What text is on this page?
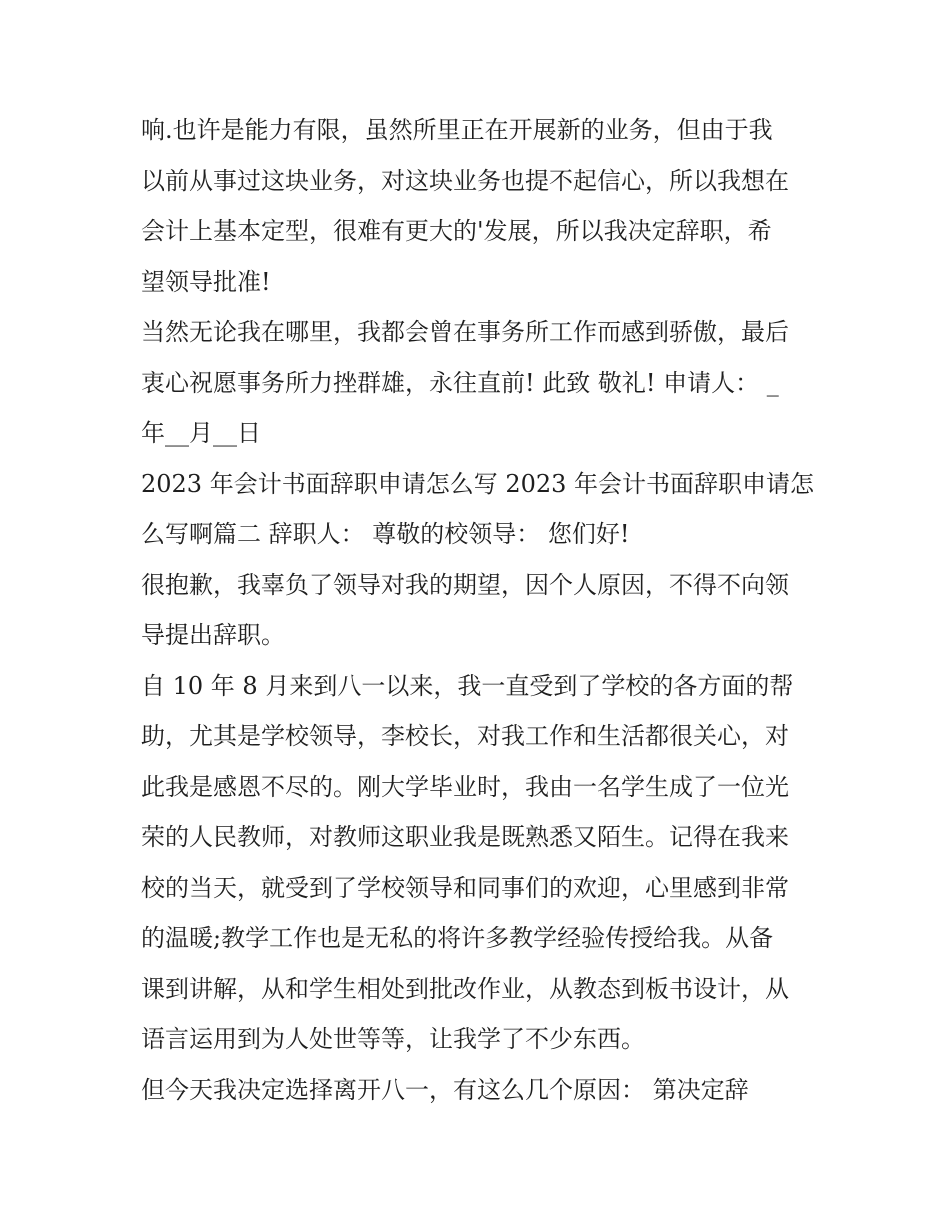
响.也许是能力有限，虽然所里正在开展新的业务，但由于我
以前从事过这块业务，对这块业务也提不起信心，所以我想在
会计上基本定型，很难有更大的'发展，所以我决定辞职，希
望领导批准!
当然无论我在哪里，我都会曾在事务所工作而感到骄傲，最后
衷心祝愿事务所力挫群雄，永往直前! 此致 敬礼! 申请人： _
年__月__日
2023 年会计书面辞职申请怎么写 2023 年会计书面辞职申请怎
么写啊篇二 辞职人： 尊敬的校领导： 您们好!
很抱歉，我辜负了领导对我的期望，因个人原因，不得不向领
导提出辞职。
自 10 年 8 月来到八一以来，我一直受到了学校的各方面的帮
助，尤其是学校领导，李校长，对我工作和生活都很关心，对
此我是感恩不尽的。刚大学毕业时，我由一名学生成了一位光
荣的人民教师，对教师这职业我是既熟悉又陌生。记得在我来
校的当天，就受到了学校领导和同事们的欢迎，心里感到非常
的温暖;教学工作也是无私的将许多教学经验传授给我。从备
课到讲解，从和学生相处到批改作业，从教态到板书设计，从
语言运用到为人处世等等，让我学了不少东西。
但今天我决定选择离开八一，有这么几个原因： 第决定辞
